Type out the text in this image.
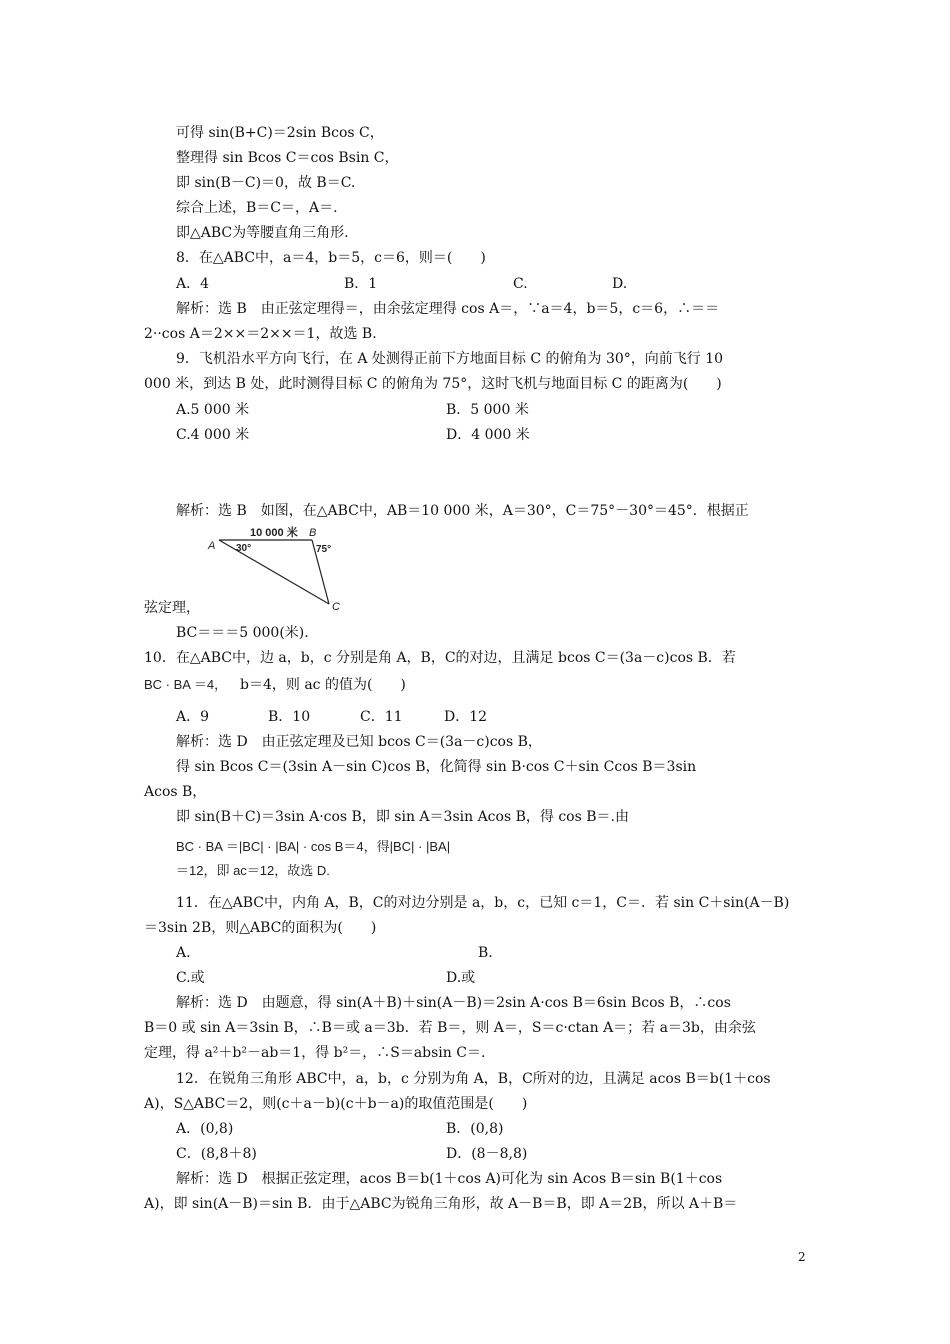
可得 sin(B+C)＝2sin Bcos C，
整理得 sin Bcos C＝cos Bsin C，
即 sin(B－C)＝0，故 B＝C.
综合上述，B＝C＝，A＝.
即△ABC为等腰直角三角形.
8．在△ABC中，a＝4，b＝5，c＝6，则＝(　　)
A．4	B．1	C.	D.
解析：选 B　由正弦定理得＝，由余弦定理得 cos A＝，∵a＝4，b＝5，c＝6，∴＝＝
2··cos A＝2××＝2××＝1，故选 B.
9．飞机沿水平方向飞行，在 A 处测得正前下方地面目标 C 的俯角为 30°，向前飞行 10
000 米，到达 B 处，此时测得目标 C 的俯角为 75°，这时飞机与地面目标 C 的距离为(　　)
A.5 000 米	B．5 000 米
C.4 000 米	D．4 000 米
解析：选 B　如图，在△ABC中，AB＝10 000 米，A＝30°，C＝75°－30°＝45°．根据正
10 000 米 B
A 30°	75°
C
弦定理，
BC＝＝＝5 000(米).
10．在△ABC中，边 a，b，c 分别是角 A，B，C的对边，且满足 bcos C＝(3a－c)cos B．若
BC · BA ＝4， b＝4，则 ac 的值为(　　)
A．9	B．10	C．11	D．12
解析：选 D　由正弦定理及已知 bcos C＝(3a－c)cos B，
得 sin Bcos C＝(3sin A－sin C)cos B，化简得 sin B·cos C＋sin Ccos B＝3sin
Acos B，
即 sin(B＋C)＝3sin A·cos B，即 sin A＝3sin Acos B，得 cos B＝.由
BC · BA ＝|BC| · |BA| · cos B＝4，得|BC| · |BA|
＝12，即 ac＝12，故选 D.
11．在△ABC中，内角 A，B，C的对边分别是 a，b，c，已知 c＝1，C＝．若 sin C＋sin(A－B)
＝3sin 2B，则△ABC的面积为(　　)
A.	B.
C.或	D.或
解析：选 D　由题意，得 sin(A＋B)＋sin(A－B)＝2sin A·cos B＝6sin Bcos B，∴cos
B＝0 或 sin A＝3sin B，∴B＝或 a＝3b．若 B＝，则 A＝，S＝c·ctan A＝；若 a＝3b，由余弦
定理，得 a²＋b²－ab＝1，得 b²＝，∴S＝absin C＝.
12．在锐角三角形 ABC中，a，b，c 分别为角 A，B，C所对的边，且满足 acos B＝b(1＋cos
A)，S△ABC＝2，则(c＋a－b)(c＋b－a)的取值范围是(　　)
A．(0,8)	B．(0,8)
C．(8,8＋8)	D．(8－8,8)
解析：选 D　根据正弦定理，acos B＝b(1＋cos A)可化为 sin Acos B＝sin B(1＋cos
A)，即 sin(A－B)＝sin B．由于△ABC为锐角三角形，故 A－B＝B，即 A＝2B，所以 A＋B＝
2
